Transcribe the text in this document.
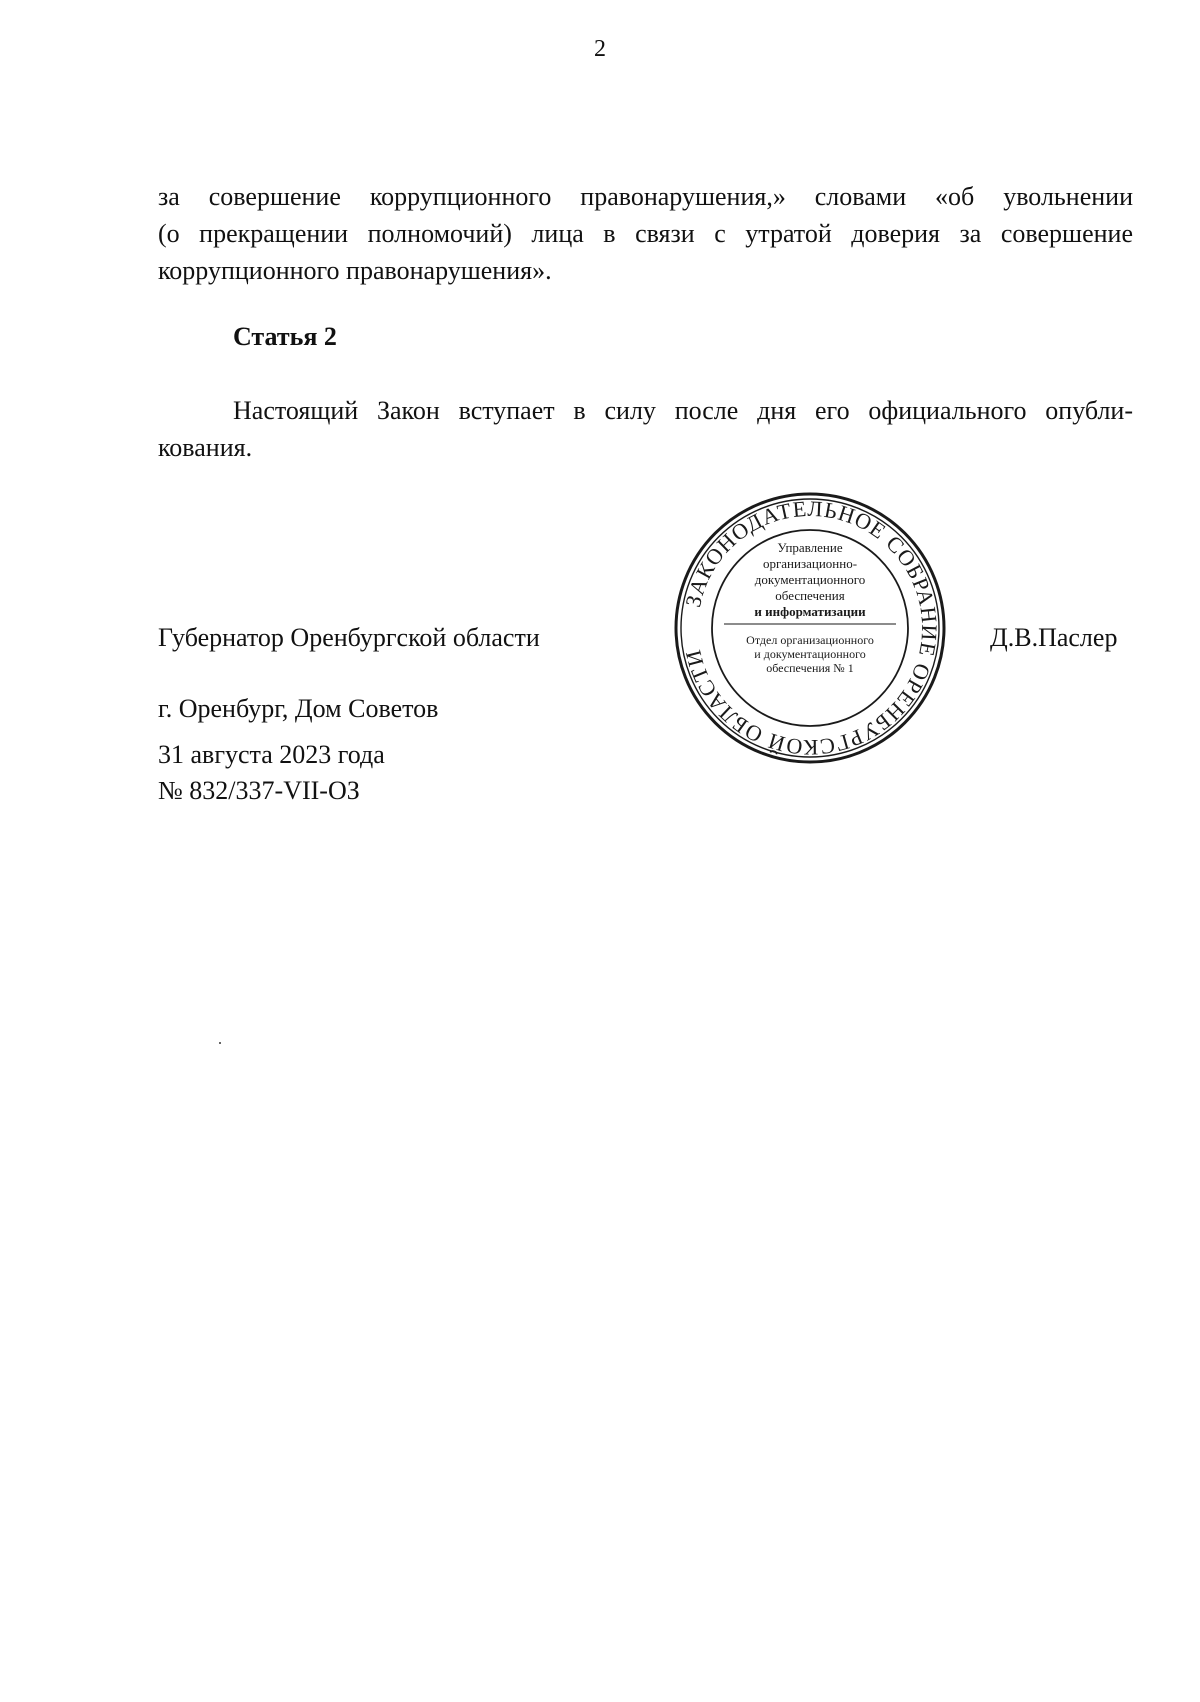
2
за совершение коррупционного правонарушения,» словами «об увольнении
(о прекращении полномочий) лица в связи с утратой доверия за совершение
коррупционного правонарушения».
Статья 2
Настоящий Закон вступает в силу после дня его официального опубли-
кования.
Губернатор Оренбургской области	Д.В.Паслер
ЗАКОНОДАТЕЛЬНОЕ СОБРАНИЕ ОРЕНБУРГСКОЙ ОБЛАСТИ
Управление
организационно-
документационного
обеспечения
и информатизации
Отдел организационного
и документационного
обеспечения № 1
г. Оренбург, Дом Советов
31 августа 2023 года
№ 832/337-VII-ОЗ
